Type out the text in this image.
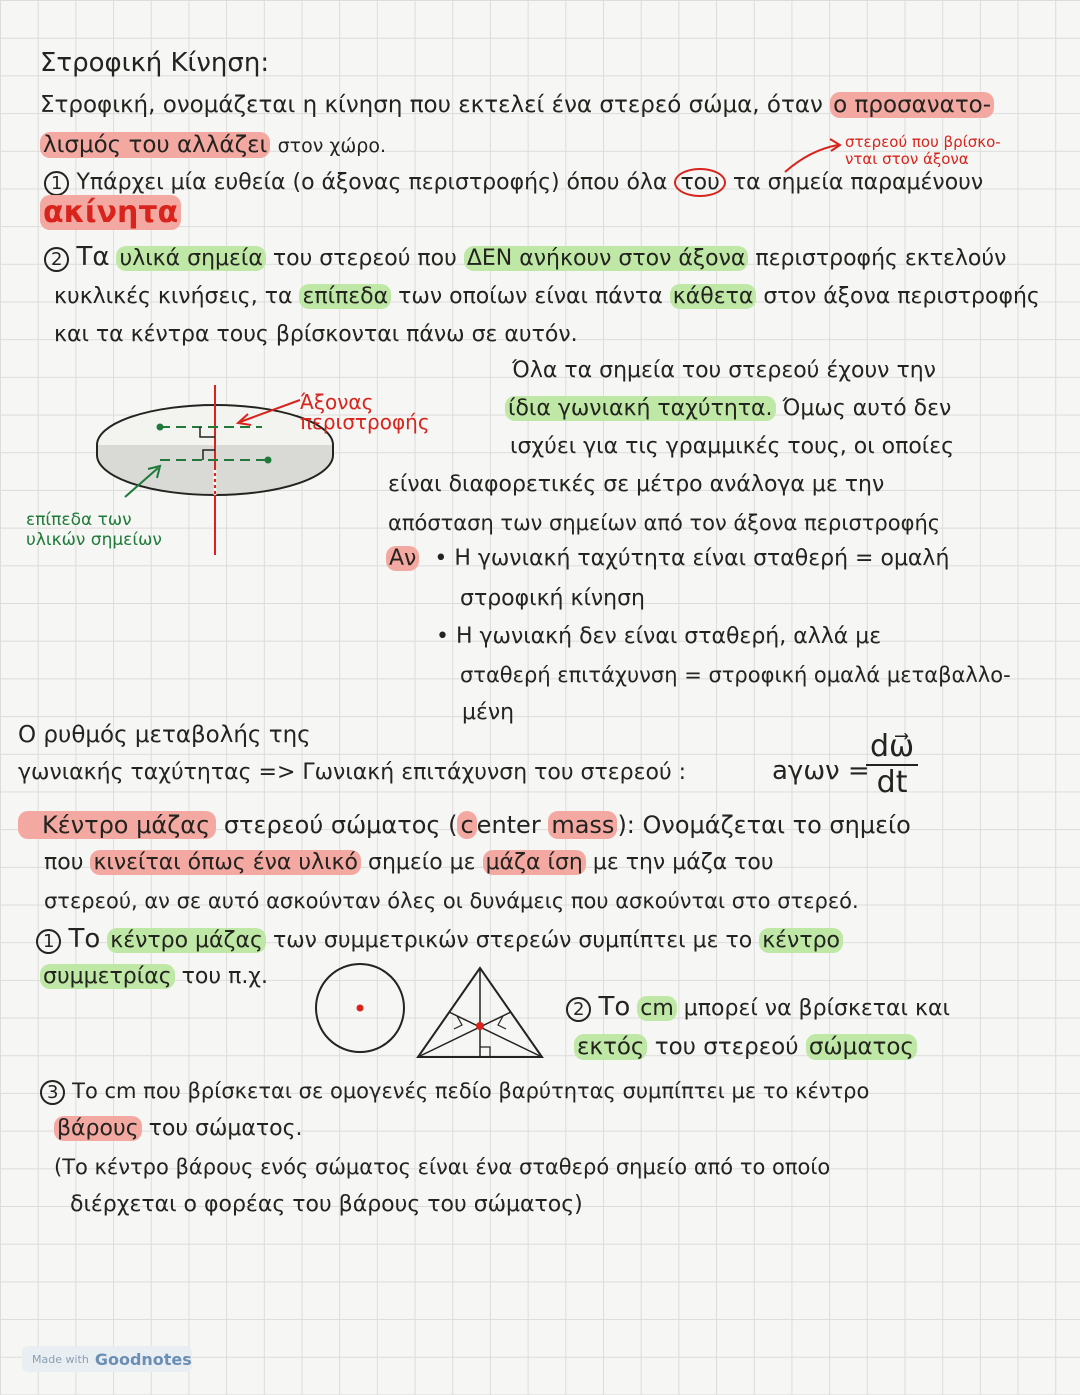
Στροφική Κίνηση:
Στροφική, ονομάζεται η κίνηση που εκτελεί ένα στερεό σώμα, όταν ο προσανατο-
λισμός του αλλάζει στον χώρο.	στερεού που βρίσκο-
νται στον άξονα
1 Υπάρχει μία ευθεία (ο άξονας περιστροφής) όπου όλα του τα σημεία παραμένουν
ακίνητα
2 Τα υλικά σημεία του στερεού που ΔΕΝ ανήκουν στον άξονα περιστροφής εκτελούν
κυκλικές κινήσεις, τα επίπεδα των οποίων είναι πάντα κάθετα στον άξονα περιστροφής
και τα κέντρα τους βρίσκονται πάνω σε αυτόν.
Άξονας
περιστροφής
επίπεδα των
υλικών σημείων
Όλα τα σημεία του στερεού έχουν την
ίδια γωνιακή ταχύτητα. Όμως αυτό δεν
ισχύει για τις γραμμικές τους, οι οποίες
είναι διαφορετικές σε μέτρο ανάλογα με την
απόσταση των σημείων από τον άξονα περιστροφής
Αν • Η γωνιακή ταχύτητα είναι σταθερή = ομαλή
στροφική κίνηση
• Η γωνιακή δεν είναι σταθερή, αλλά με
σταθερή επιτάχυνση = στροφική ομαλά μεταβαλλο-
μένη
Ο ρυθμός μεταβολής της
γωνιακής ταχύτητας => Γωνιακή επιτάχυνση του στερεού :	aγων =
$\frac{d\omega⃗}{dt}$
Κέντρο μάζας στερεού σώματος ( c enter mass ): Ονομάζεται το σημείο
που κινείται όπως ένα υλικό σημείο με μάζα ίση με την μάζα του
στερεού, αν σε αυτό ασκούνταν όλες οι δυνάμεις που ασκούνται στο στερεό.
1 Το κέντρο μάζας των συμμετρικών στερεών συμπίπτει με το κέντρο
συμμετρίας του π.χ.
2 Το cm μπορεί να βρίσκεται και
εκτός του στερεού σώματος
3 Το cm που βρίσκεται σε ομογενές πεδίο βαρύτητας συμπίπτει με το κέντρο
βάρους του σώματος.
(Το κέντρο βάρους ενός σώματος είναι ένα σταθερό σημείο από το οποίο
διέρχεται ο φορέας του βάρους του σώματος)
Made with Goodnotes
